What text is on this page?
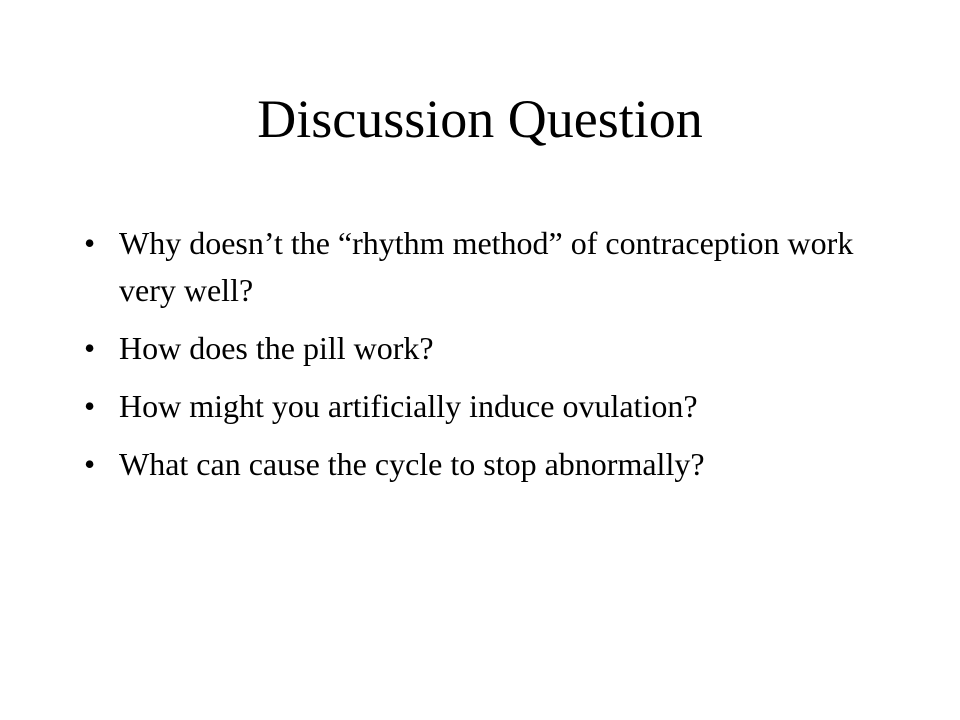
Discussion Question
• Why doesn’t the “rhythm method” of contraception work very well?
• How does the pill work?
• How might you artificially induce ovulation?
• What can cause the cycle to stop abnormally?
